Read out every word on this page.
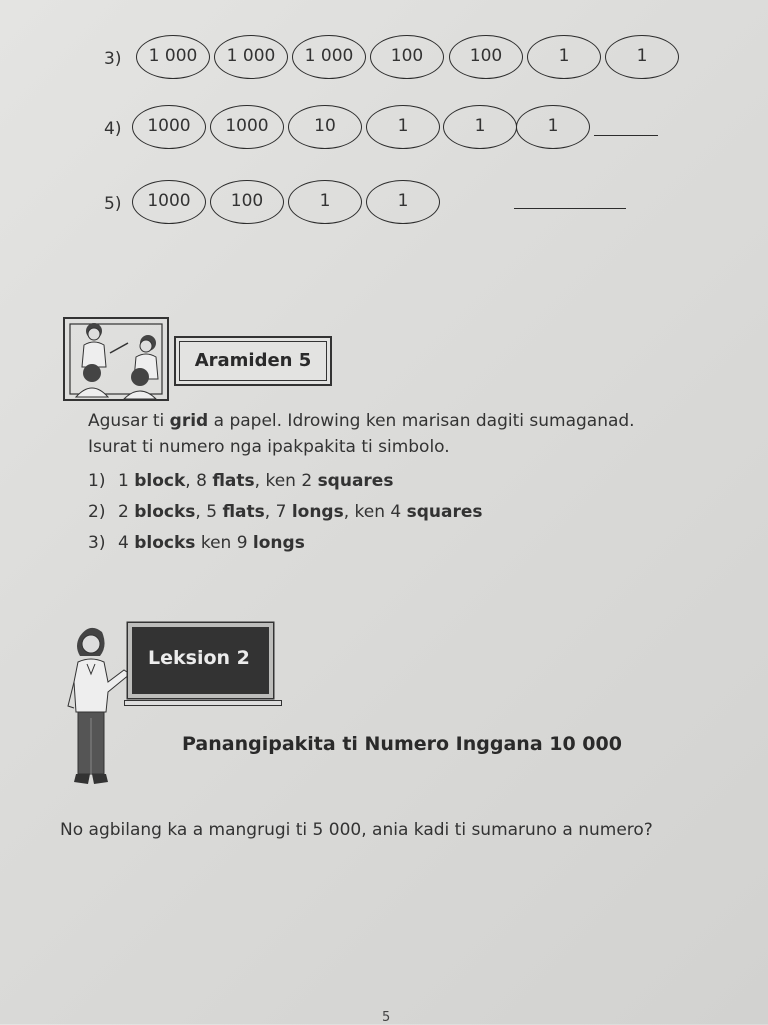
3)	1 000	1 000	1 000	100	100	1	1
4)	1000	1000	10	1	1	1
5)	1000	100	1	1
Aramiden 5
Agusar ti grid a papel. Idrowing ken marisan dagiti sumaganad. Isurat ti numero nga ipakpakita ti simbolo.
1) 1 block, 8 flats, ken 2 squares
2) 2 blocks, 5 flats, 7 longs, ken 4 squares
3) 4 blocks ken 9 longs
Leksion 2
Panangipakita ti Numero Inggana 10 000
No agbilang ka a mangrugi ti 5 000, ania kadi ti sumaruno a numero?
5
